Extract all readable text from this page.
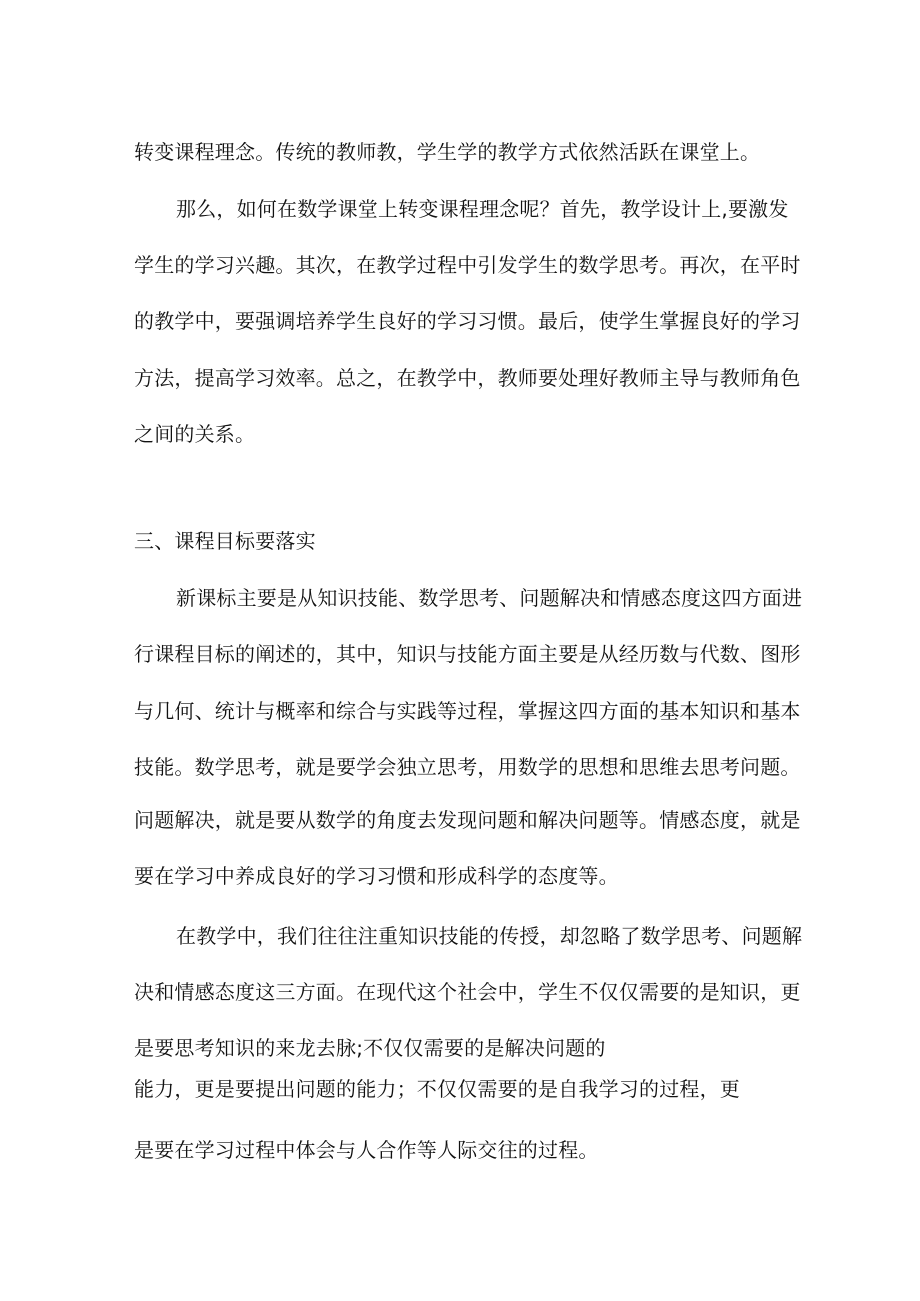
转变课程理念。传统的教师教，学生学的教学方式依然活跃在课堂上。
那么，如何在数学课堂上转变课程理念呢？首先，教学设计上,要激发
学生的学习兴趣。其次，在教学过程中引发学生的数学思考。再次，在平时
的教学中，要强调培养学生良好的学习习惯。最后，使学生掌握良好的学习
方法，提高学习效率。总之，在教学中，教师要处理好教师主导与教师角色
之间的关系。
三、课程目标要落实
新课标主要是从知识技能、数学思考、问题解决和情感态度这四方面进
行课程目标的阐述的，其中，知识与技能方面主要是从经历数与代数、图形
与几何、统计与概率和综合与实践等过程，掌握这四方面的基本知识和基本
技能。数学思考，就是要学会独立思考，用数学的思想和思维去思考问题。
问题解决，就是要从数学的角度去发现问题和解决问题等。情感态度，就是
要在学习中养成良好的学习习惯和形成科学的态度等。
在教学中，我们往往注重知识技能的传授，却忽略了数学思考、问题解
决和情感态度这三方面。在现代这个社会中，学生不仅仅需要的是知识，更
是要思考知识的来龙去脉;不仅仅需要的是解决问题的
能力，更是要提出问题的能力；不仅仅需要的是自我学习的过程，更
是要在学习过程中体会与人合作等人际交往的过程。
